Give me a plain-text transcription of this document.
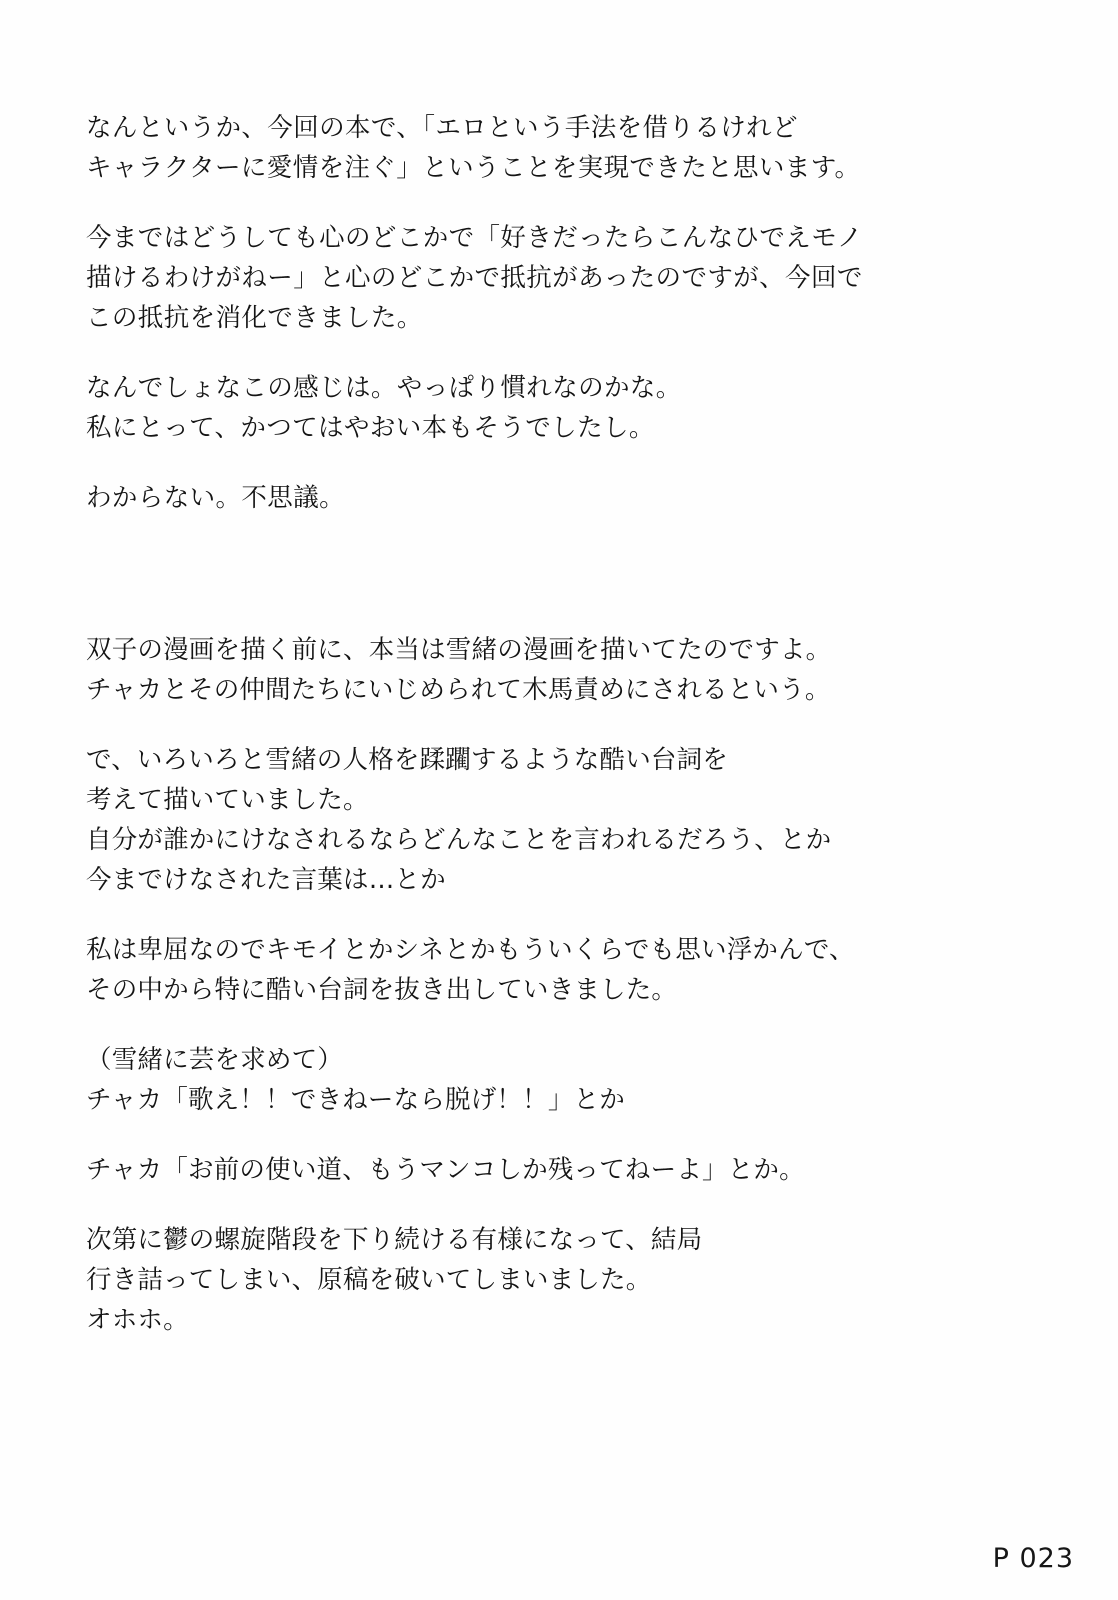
なんというか、今回の本で、「エロという手法を借りるけれど
キャラクターに愛情を注ぐ」ということを実現できたと思います。
今まではどうしても心のどこかで「好きだったらこんなひでえモノ
描けるわけがねー」と心のどこかで抵抗があったのですが、今回で
この抵抗を消化できました。
なんでしょなこの感じは。やっぱり慣れなのかな。
私にとって、かつてはやおい本もそうでしたし。
わからない。不思議。
双子の漫画を描く前に、本当は雪緒の漫画を描いてたのですよ。
チャカとその仲間たちにいじめられて木馬責めにされるという。
で、いろいろと雪緒の人格を蹂躙するような酷い台詞を
考えて描いていました。
自分が誰かにけなされるならどんなことを言われるだろう、とか
今までけなされた言葉は…とか
私は卑屈なのでキモイとかシネとかもういくらでも思い浮かんで、
その中から特に酷い台詞を抜き出していきました。
（雪緒に芸を求めて）
チャカ「歌え！！できねーなら脱げ！！」とか
チャカ「お前の使い道、もうマンコしか残ってねーよ」とか。
次第に鬱の螺旋階段を下り続ける有様になって、結局
行き詰ってしまい、原稿を破いてしまいました。
オホホ。
P 023
